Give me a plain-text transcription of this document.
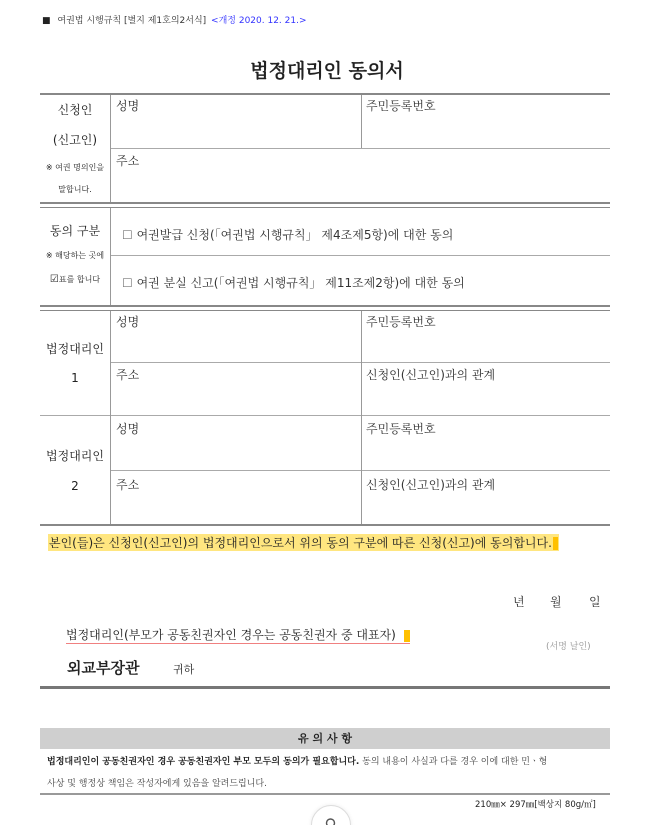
■ 여권법 시행규칙 [별지 제1호의2서식] <개정 2020. 12. 21.>
법정대리인 동의서
신청인
(신고인)
※ 여권 명의인을
말합니다.
성명	주민등록번호
주소
동의 구분
※ 해당하는 곳에
☑표를 합니다
☐ 여권발급 신청(「여권법 시행규칙」 제4조제5항)에 대한 동의
☐ 여권 분실 신고(「여권법 시행규칙」 제11조제2항)에 대한 동의
법정대리인
1
성명	주민등록번호
주소	신청인(신고인)과의 관계
법정대리인
2
성명	주민등록번호
주소	신청인(신고인)과의 관계
본인(들)은 신청인(신고인)의 법정대리인으로서 위의 동의 구분에 따른 신청(신고)에 동의합니다.
년 월 일
법정대리인(부모가 공동친권자인 경우는 공동친권자 중 대표자)
(서명 날인)
외교부장관	귀하
유 의 사 항
법정대리인이 공동친권자인 경우 공동친권자인 부모 모두의 동의가 필요합니다. 동의 내용이 사실과 다를 경우 이에 대한 민ㆍ형
사상 및 행정상 책임은 작성자에게 있음을 알려드립니다.
210㎜× 297㎜[백상지 80g/㎡]
